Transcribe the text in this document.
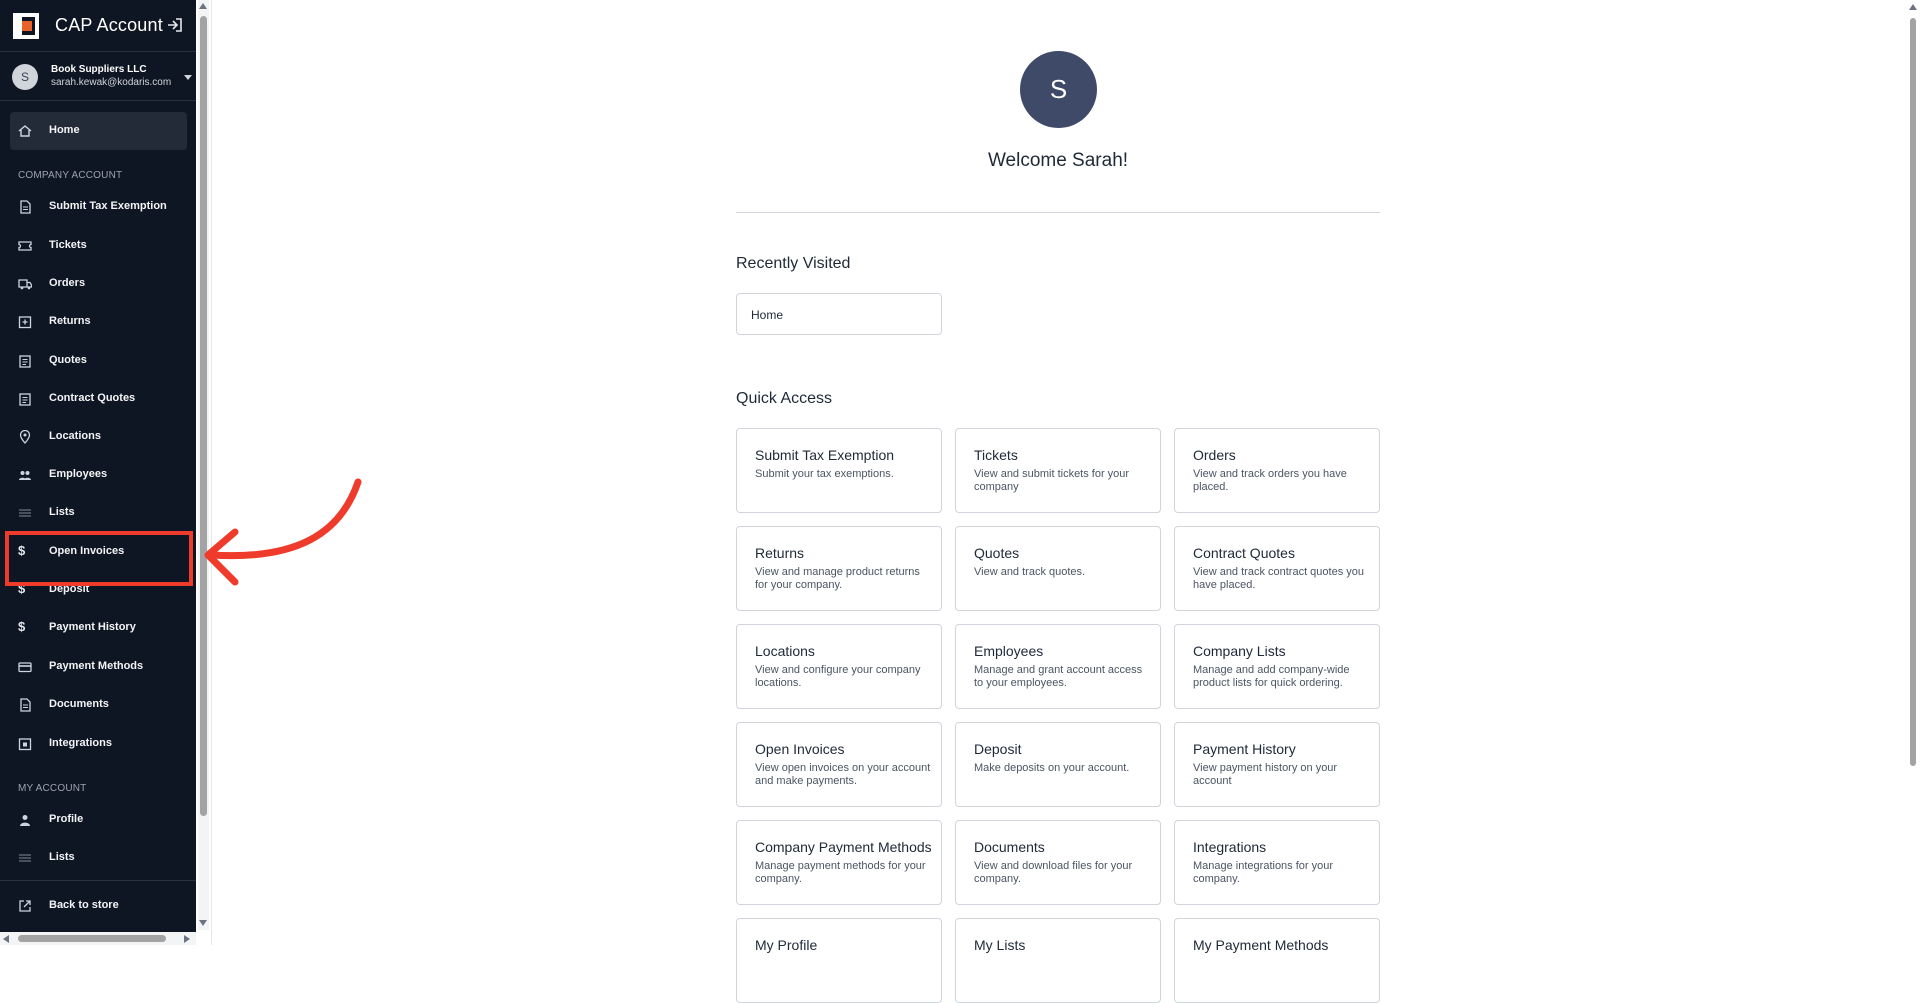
CAP Account
S
Book Suppliers LLC
sarah.kewak@kodaris.com
Home
COMPANY ACCOUNT
Submit Tax Exemption
Tickets
Orders
Returns
Quotes
Contract Quotes
Locations
Employees
Lists
$	Open Invoices
$	Deposit
$	Payment History
Payment Methods
Documents
Integrations
MY ACCOUNT
Profile
Lists
Back to store
S
Welcome Sarah!
Recently Visited
Home
Quick Access
Submit Tax Exemption
Submit your tax exemptions.
Tickets
View and submit tickets for your company
Orders
View and track orders you have placed.
Returns
View and manage product returns for your company.
Quotes
View and track quotes.
Contract Quotes
View and track contract quotes you have placed.
Locations
View and configure your company locations.
Employees
Manage and grant account access to your employees.
Company Lists
Manage and add company-wide product lists for quick ordering.
Open Invoices
View open invoices on your account and make payments.
Deposit
Make deposits on your account.
Payment History
View payment history on your account
Company Payment Methods
Manage payment methods for your company.
Documents
View and download files for your company.
Integrations
Manage integrations for your company.
My Profile	My Lists	My Payment Methods
